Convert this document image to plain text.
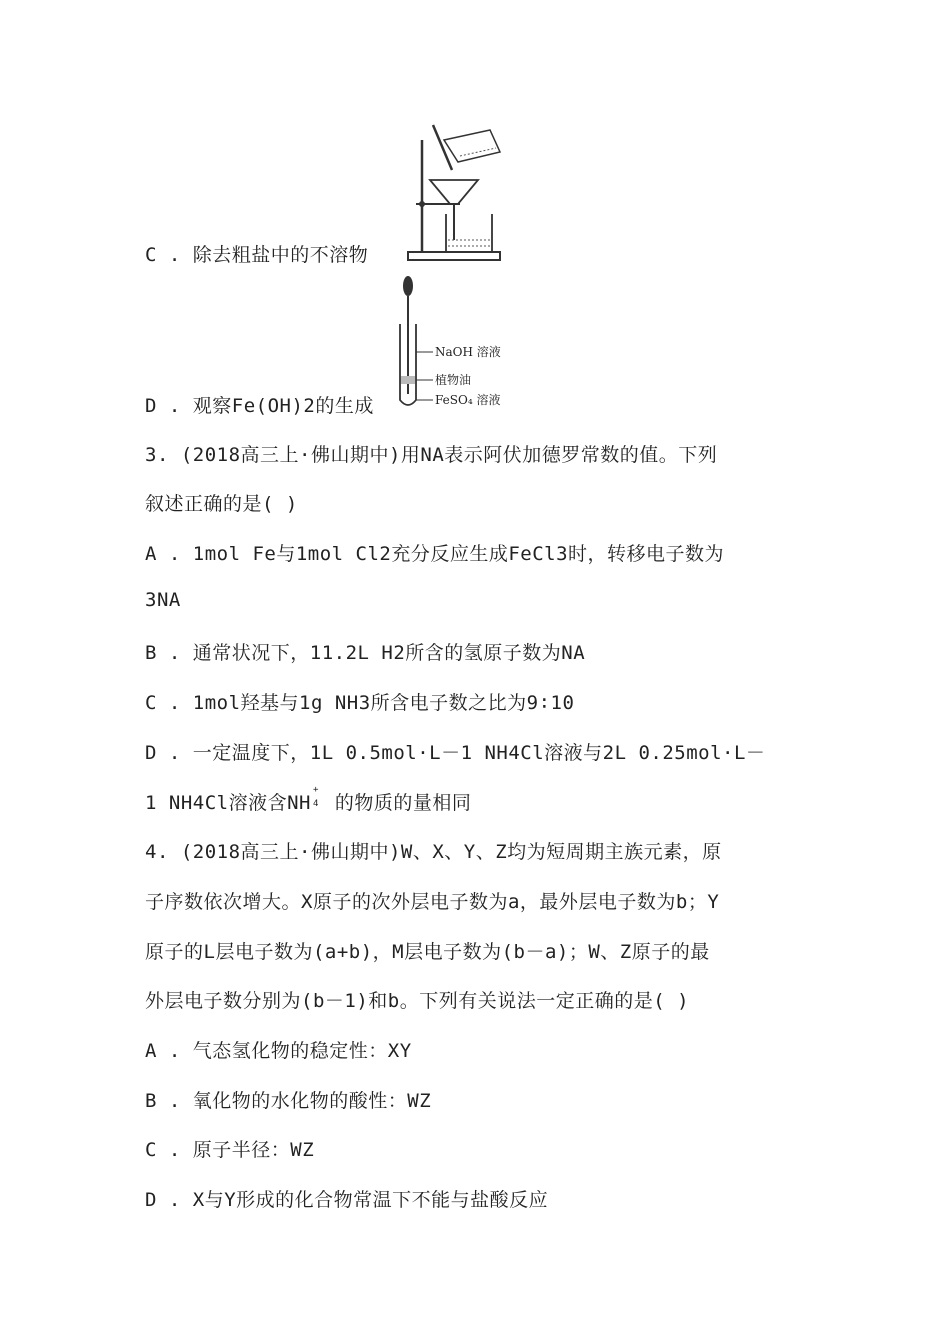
C . 除去粗盐中的不溶物
NaOH 溶液
植物油
FeSO₄ 溶液
D . 观察Fe(OH)2的生成
3. (2018高三上·佛山期中)用NA表示阿伏加德罗常数的值。下列
叙述正确的是( )
A . 1mol Fe与1mol Cl2充分反应生成FeCl3时，转移电子数为
3NA
B . 通常状况下，11.2L H2所含的氢原子数为NA
C . 1mol羟基与1g NH3所含电子数之比为9∶10
D . 一定温度下，1L 0.5mol·L－1 NH4Cl溶液与2L 0.25mol·L－
1 NH4Cl溶液含NH
+
4 的物质的量相同
4. (2018高三上·佛山期中)W、X、Y、Z均为短周期主族元素，原
子序数依次增大。X原子的次外层电子数为a，最外层电子数为b；Y
原子的L层电子数为(a+b)，M层电子数为(b－a)；W、Z原子的最
外层电子数分别为(b－1)和b。下列有关说法一定正确的是( )
A . 气态氢化物的稳定性：XY
B . 氧化物的水化物的酸性：WZ
C . 原子半径：WZ
D . X与Y形成的化合物常温下不能与盐酸反应
